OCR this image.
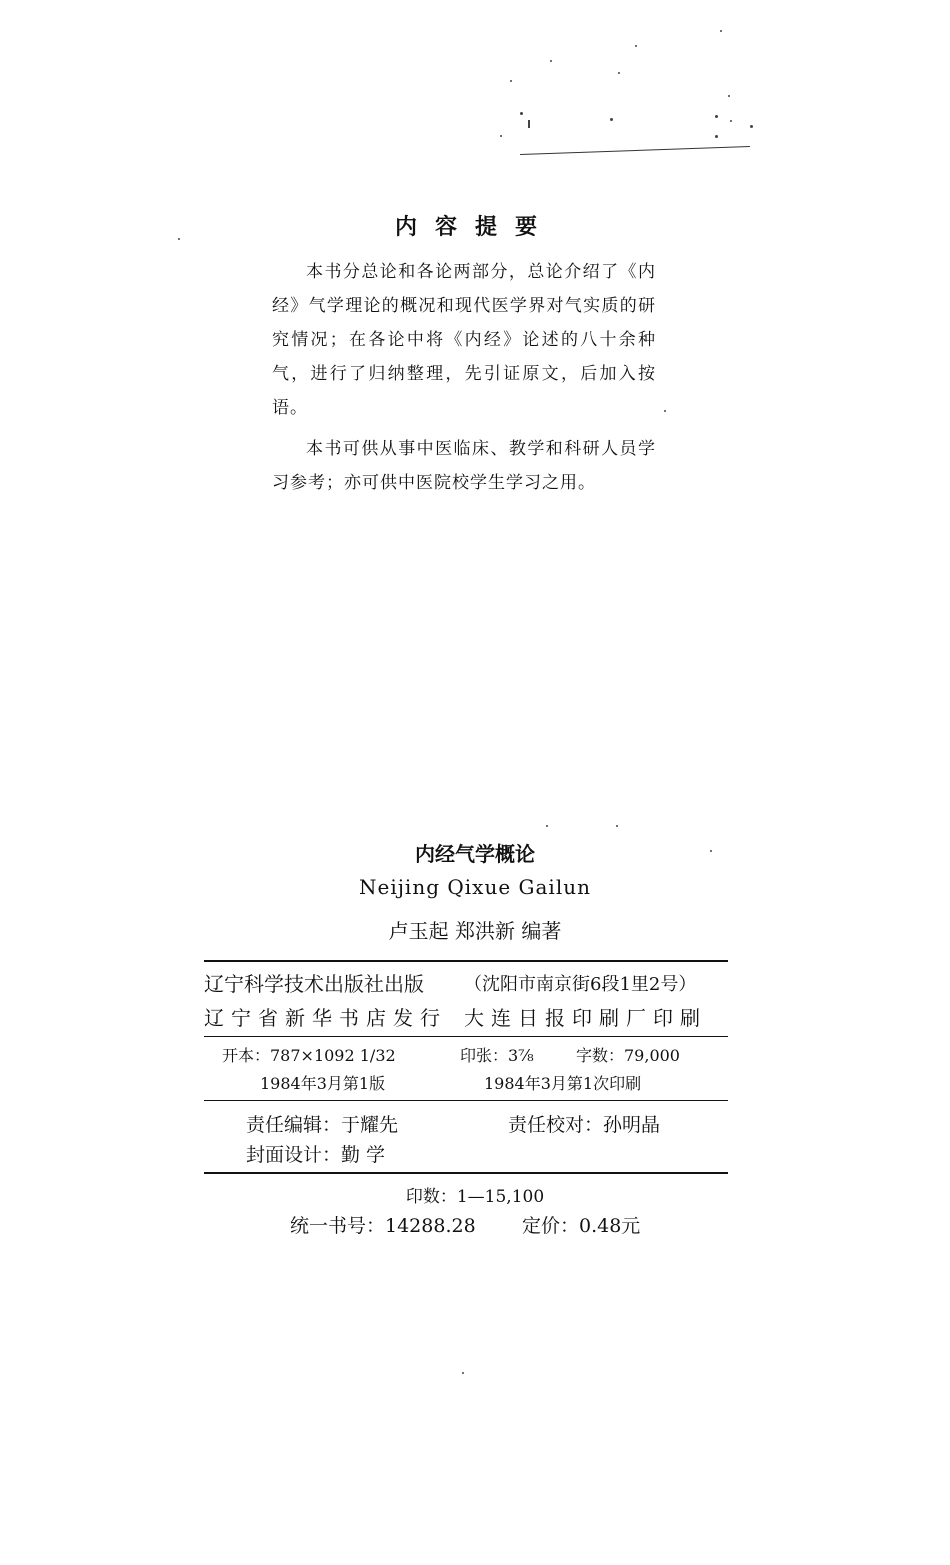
内容提要

本书分总论和各论两部分，总论介绍了《内经》气学理论的概况和现代医学界对气实质的研究情况；在各论中将《内经》论述的八十余种气，进行了归纳整理，先引证原文，后加入按语。

本书可供从事中医临床、教学和科研人员学习参考；亦可供中医院校学生学习之用。

内经气学概论
Neijing Qixue Gailun
卢玉起 郑洪新 编著
辽宁科学技术出版社出版 （沈阳市南京街6段1里2号）
辽宁省新华书店发行 大连日报印刷厂印刷
开本：787×1092 1/32	印张：3⅞	字数：79,000
1984年3月第1版	1984年3月第1次印刷
责任编辑：于耀先	责任校对：孙明晶
封面设计：勤 学
印数：1—15,100
统一书号：14288.28 定价：0.48元
